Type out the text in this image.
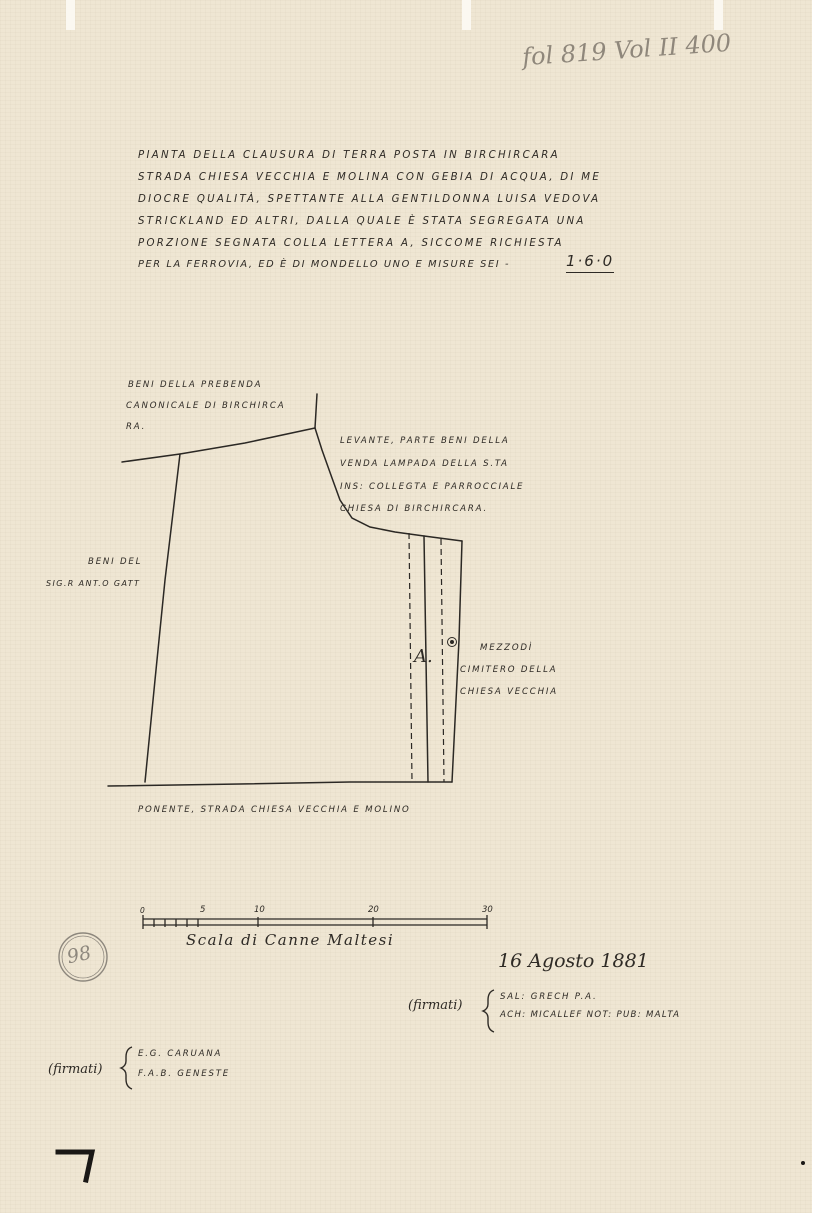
fol 819 Vol II 400
PIANTA DELLA CLAUSURA DI TERRA POSTA IN BIRCHIRCARA
STRADA CHIESA VECCHIA E MOLINA CON GEBIA DI ACQUA, DI ME
DIOCRE QUALITÀ, SPETTANTE ALLA GENTILDONNA LUISA VEDOVA
STRICKLAND ED ALTRI, DALLA QUALE È STATA SEGREGATA UNA
PORZIONE SEGNATA COLLA LETTERA A, SICCOME RICHIESTA
PER LA FERROVIA, ED È DI MONDELLO UNO E MISURE SEI -	1·6·0
BENI DELLA PREBENDA
CANONICALE DI BIRCHIRCA
RA.
LEVANTE, PARTE BENI DELLA
VENDA LAMPADA DELLA S.TA
INS: COLLEGTA E PARROCCIALE
CHIESA DI BIRCHIRCARA.
BENI DEL
SIG.R ANT.O GATT
MEZZODÌ
CIMITERO DELLA
CHIESA VECCHIA
PONENTE, STRADA CHIESA VECCHIA E MOLINO
A.
0	5	10	20	30
Scala di Canne Maltesi
98	16 Agosto 1881
(firmati)
SAL: GRECH P.A.
ACH: MICALLEF NOT: PUB: MALTA
(firmati)
E.G. CARUANA
F.A.B. GENESTE
